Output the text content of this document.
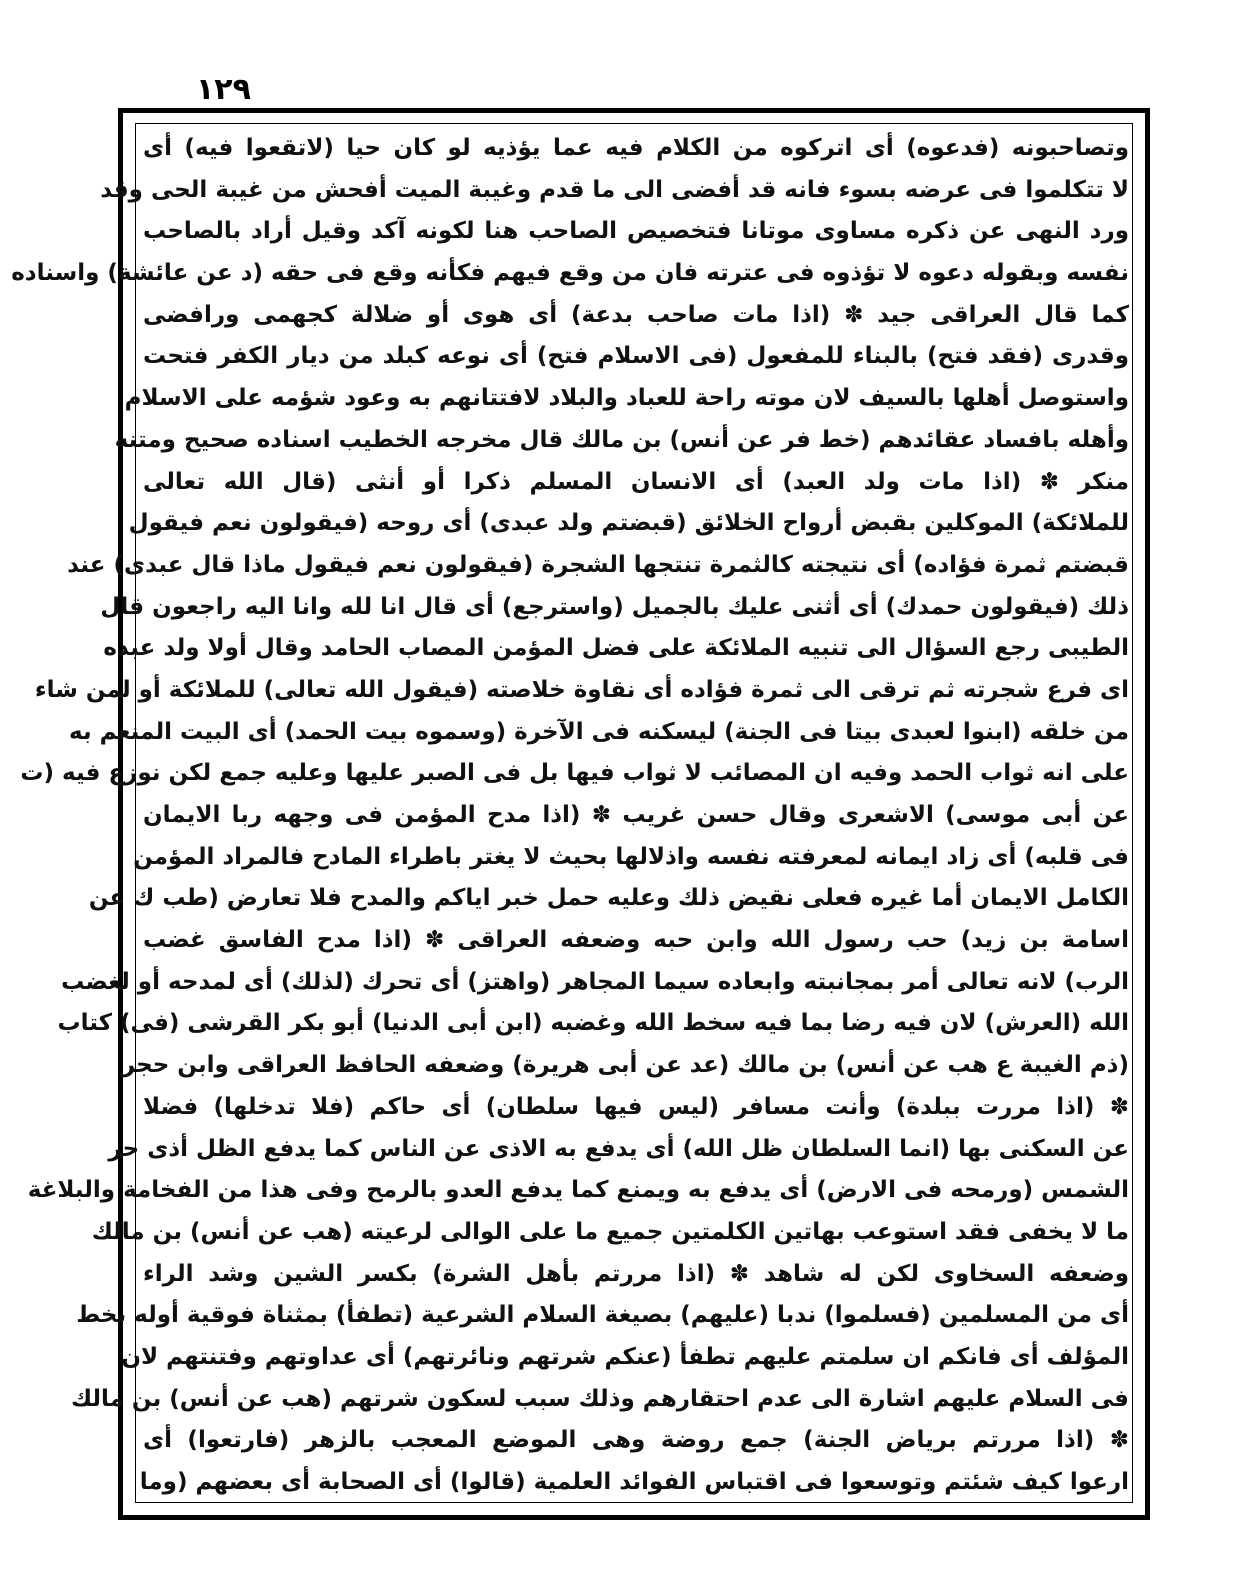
١٢٩
وتصاحبونه (فدعوه) أى اتركوه من الكلام فيه عما يؤذيه لو كان حيا (لاتقعوا فيه) أى
لا تتكلموا فى عرضه بسوء فانه قد أفضى الى ما قدم وغيبة الميت أفحش من غيبة الحى وقد
ورد النهى عن ذكره مساوى موتانا فتخصيص الصاحب هنا لكونه آكد وقيل أراد بالصاحب
نفسه وبقوله دعوه لا تؤذوه فى عترته فان من وقع فيهم فكأنه وقع فى حقه (د عن عائشة) واسناده
كما قال العراقى جيد ✽ (اذا مات صاحب بدعة) أى هوى أو ضلالة كجهمى ورافضى
وقدرى (فقد فتح) بالبناء للمفعول (فى الاسلام فتح) أى نوعه كبلد من ديار الكفر فتحت
واستوصل أهلها بالسيف لان موته راحة للعباد والبلاد لافتتانهم به وعود شؤمه على الاسلام
وأهله بافساد عقائدهم (خط فر عن أنس) بن مالك قال مخرجه الخطيب اسناده صحيح ومتنه
منكر ✽ (اذا مات ولد العبد) أى الانسان المسلم ذكرا أو أنثى (قال الله تعالى
للملائكة) الموكلين بقبض أرواح الخلائق (قبضتم ولد عبدى) أى روحه (فيقولون نعم فيقول
قبضتم ثمرة فؤاده) أى نتيجته كالثمرة تنتجها الشجرة (فيقولون نعم فيقول ماذا قال عبدى) عند
ذلك (فيقولون حمدك) أى أثنى عليك بالجميل (واسترجع) أى قال انا لله وانا اليه راجعون قال
الطيبى رجع السؤال الى تنبيه الملائكة على فضل المؤمن المصاب الحامد وقال أولا ولد عبده
اى فرع شجرته ثم ترقى الى ثمرة فؤاده أى نقاوة خلاصته (فيقول الله تعالى) للملائكة أو لمن شاء
من خلقه (ابنوا لعبدى بيتا فى الجنة) ليسكنه فى الآخرة (وسموه بيت الحمد) أى البيت المنعم به
على انه ثواب الحمد وفيه ان المصائب لا ثواب فيها بل فى الصبر عليها وعليه جمع لكن نوزع فيه (ت
عن أبى موسى) الاشعرى وقال حسن غريب ✽ (اذا مدح المؤمن فى وجهه ربا الايمان
فى قلبه) أى زاد ايمانه لمعرفته نفسه واذلالها بحيث لا يغتر باطراء المادح فالمراد المؤمن
الكامل الايمان أما غيره فعلى نقيض ذلك وعليه حمل خبر اياكم والمدح فلا تعارض (طب ك عن
اسامة بن زيد) حب رسول الله وابن حبه وضعفه العراقى ✽ (اذا مدح الفاسق غضب
الرب) لانه تعالى أمر بمجانبته وابعاده سيما المجاهر (واهتز) أى تحرك (لذلك) أى لمدحه أو لغضب
الله (العرش) لان فيه رضا بما فيه سخط الله وغضبه (ابن أبى الدنيا) أبو بكر القرشى (فى) كتاب
(ذم الغيبة ع هب عن أنس) بن مالك (عد عن أبى هريرة) وضعفه الحافظ العراقى وابن حجر
✽ (اذا مررت ببلدة) وأنت مسافر (ليس فيها سلطان) أى حاكم (فلا تدخلها) فضلا
عن السكنى بها (انما السلطان ظل الله) أى يدفع به الاذى عن الناس كما يدفع الظل أذى حر
الشمس (ورمحه فى الارض) أى يدفع به ويمنع كما يدفع العدو بالرمح وفى هذا من الفخامة والبلاغة
ما لا يخفى فقد استوعب بهاتين الكلمتين جميع ما على الوالى لرعيته (هب عن أنس) بن مالك
وضعفه السخاوى لكن له شاهد ✽ (اذا مررتم بأهل الشرة) بكسر الشين وشد الراء
أى من المسلمين (فسلموا) ندبا (عليهم) بصيغة السلام الشرعية (تطفأ) بمثناة فوقية أوله بخط
المؤلف أى فانكم ان سلمتم عليهم تطفأ (عنكم شرتهم ونائرتهم) أى عداوتهم وفتنتهم لان
فى السلام عليهم اشارة الى عدم احتقارهم وذلك سبب لسكون شرتهم (هب عن أنس) بن مالك
✽ (اذا مررتم برياض الجنة) جمع روضة وهى الموضع المعجب بالزهر (فارتعوا) أى
ارعوا كيف شئتم وتوسعوا فى اقتباس الفوائد العلمية (قالوا) أى الصحابة أى بعضهم (وما
